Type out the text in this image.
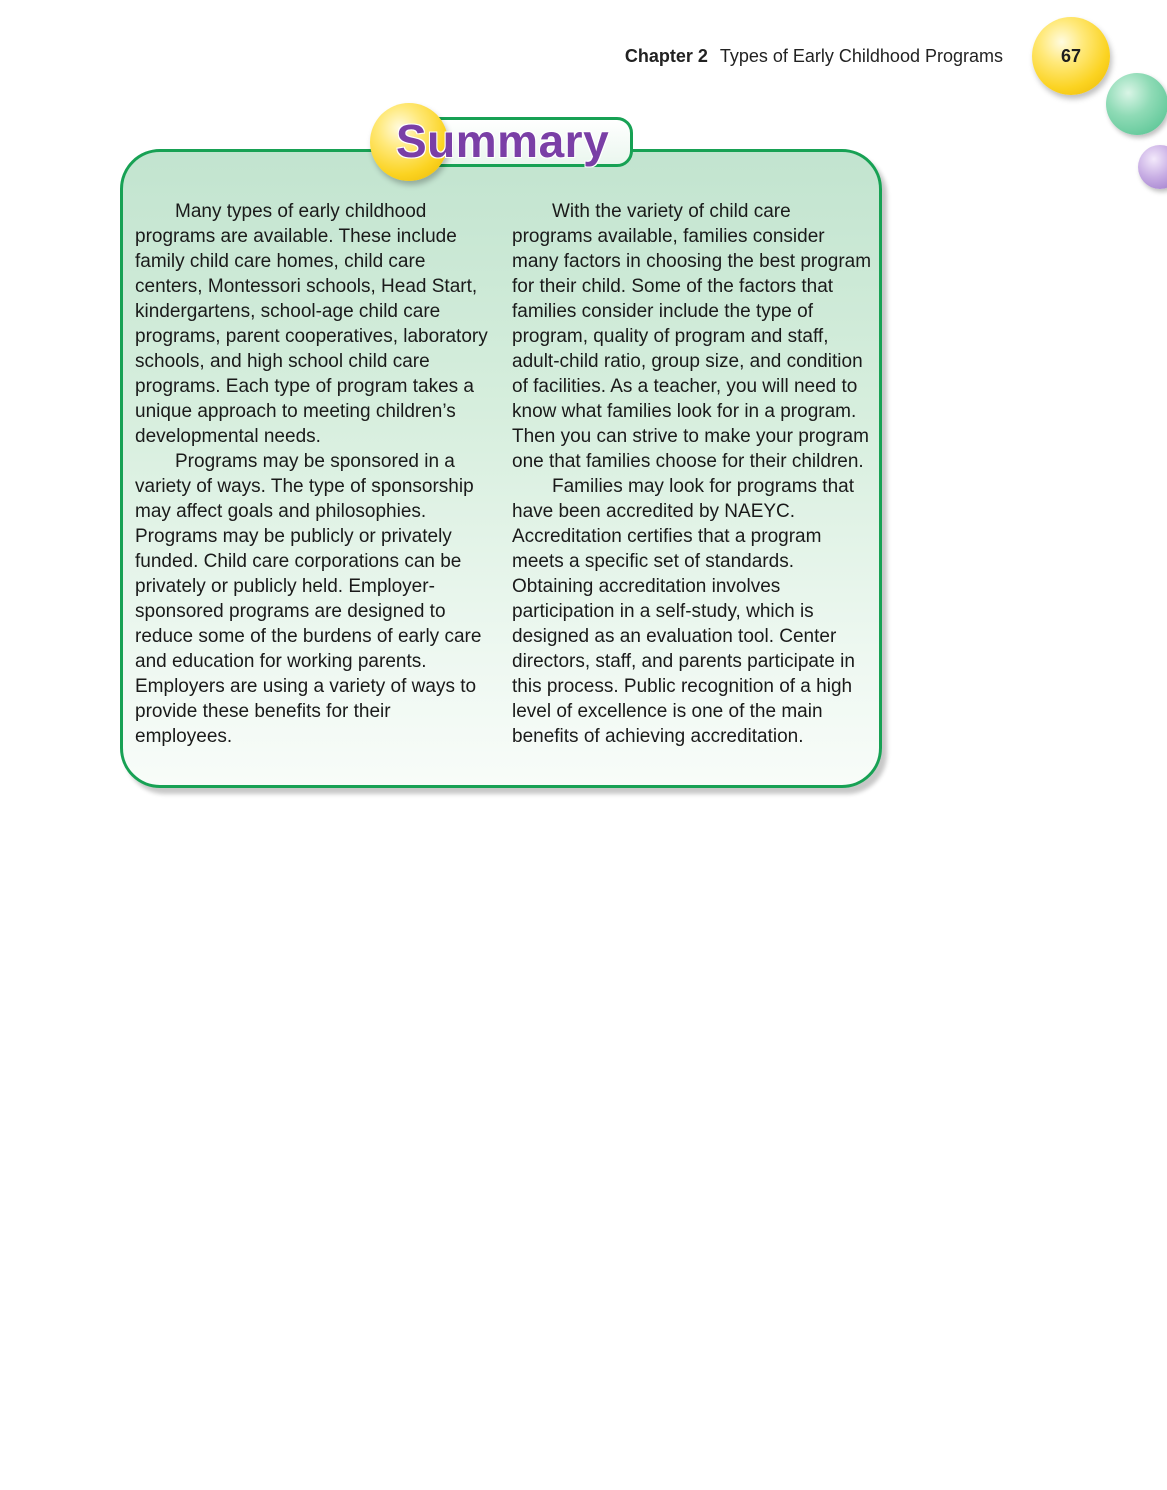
Chapter 2 Types of Early Childhood Programs	67
Summary

Many types of early childhood programs are available. These include family child care homes, child care centers, Montessori schools, Head Start, kindergartens, school-age child care programs, parent cooperatives, laboratory schools, and high school child care programs. Each type of program takes a unique approach to meeting children’s developmental needs.

Programs may be sponsored in a variety of ways. The type of sponsorship may affect goals and philosophies. Programs may be publicly or privately funded. Child care corporations can be privately or publicly held. Employer-sponsored programs are designed to reduce some of the burdens of early care and education for working parents. Employers are using a variety of ways to provide these benefits for their employees.

With the variety of child care programs available, families consider many factors in choosing the best program for their child. Some of the factors that families consider include the type of program, quality of program and staff, adult-child ratio, group size, and condition of facilities. As a teacher, you will need to know what families look for in a program. Then you can strive to make your program one that families choose for their children.

Families may look for programs that have been accredited by NAEYC. Accreditation certifies that a program meets a specific set of standards. Obtaining accreditation involves participation in a self-study, which is designed as an evaluation tool. Center directors, staff, and parents participate in this process. Public recognition of a high level of excellence is one of the main benefits of achieving accreditation.
